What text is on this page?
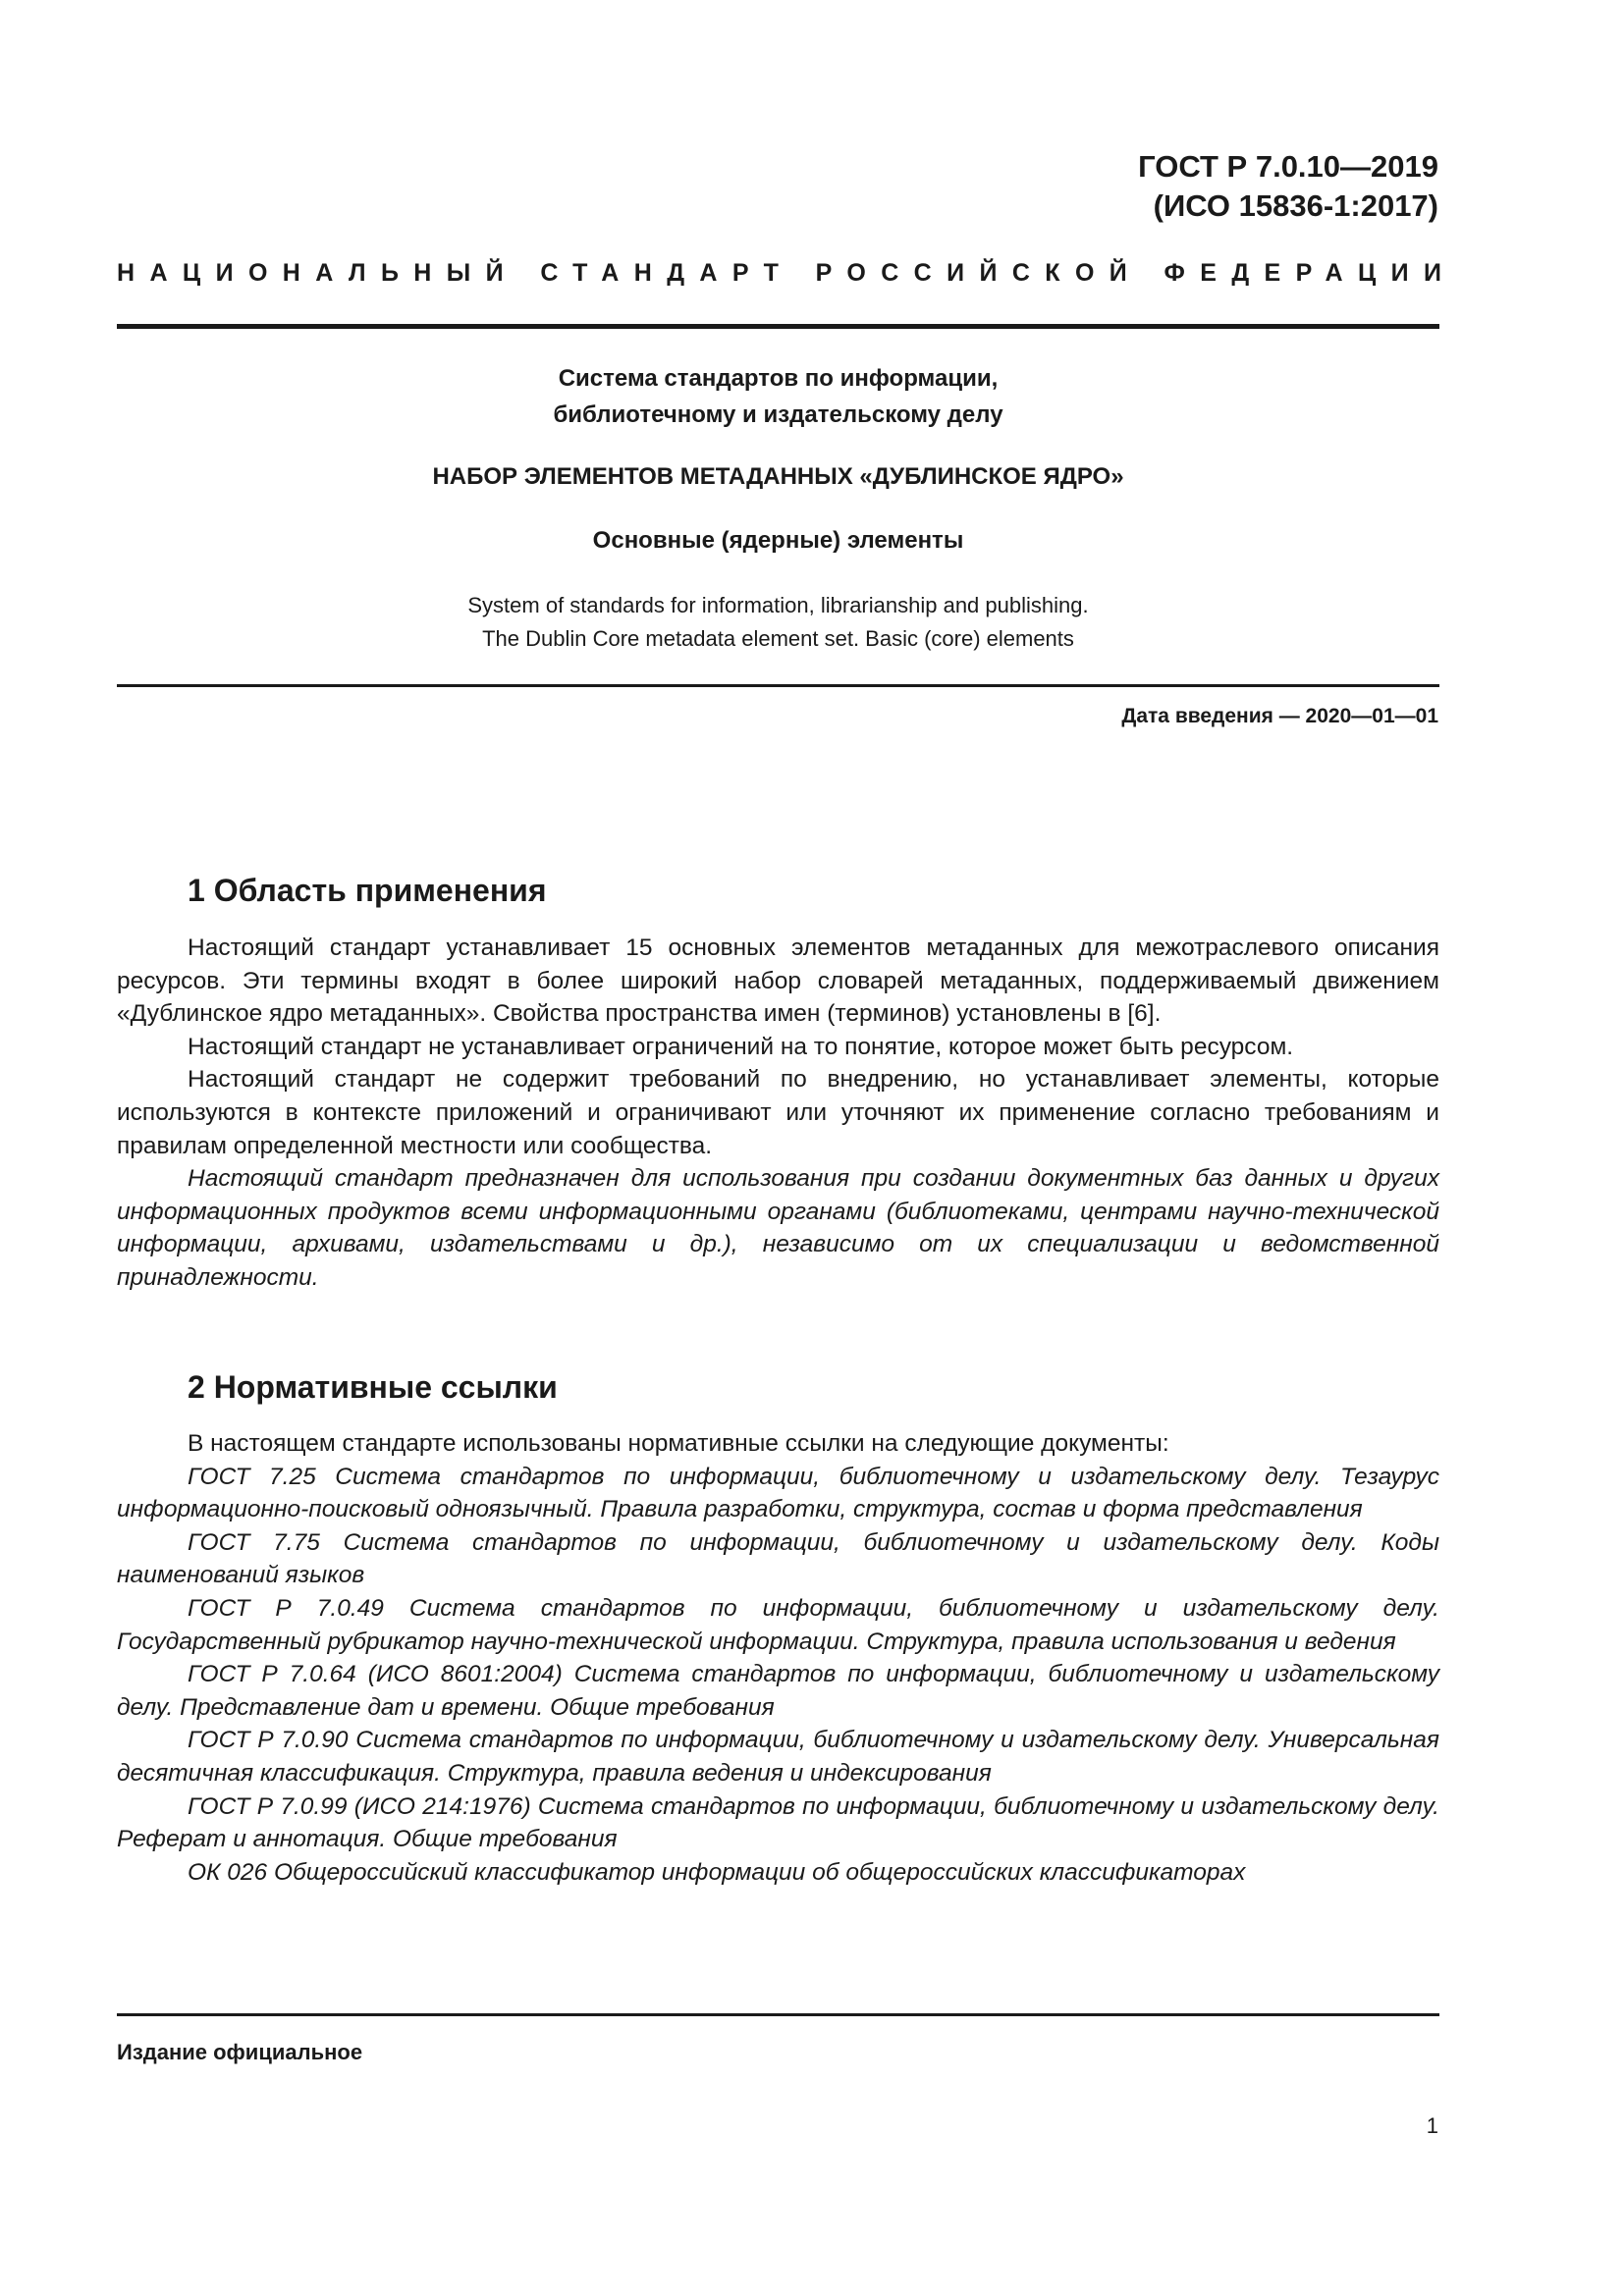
ГОСТ Р 7.0.10—2019
(ИСО 15836-1:2017)
НАЦИОНАЛЬНЫЙ СТАНДАРТ РОССИЙСКОЙ ФЕДЕРАЦИИ
Система стандартов по информации,
библиотечному и издательскому делу
НАБОР ЭЛЕМЕНТОВ МЕТАДАННЫХ «ДУБЛИНСКОЕ ЯДРО»
Основные (ядерные) элементы
System of standards for information, librarianship and publishing.
The Dublin Core metadata element set. Basic (core) elements
Дата введения — 2020—01—01
1 Область применения

Настоящий стандарт устанавливает 15 основных элементов метаданных для межотраслевого описания ресурсов. Эти термины входят в более широкий набор словарей метаданных, поддерживаемый движением «Дублинское ядро метаданных». Свойства пространства имен (терминов) установлены в [6].

Настоящий стандарт не устанавливает ограничений на то понятие, которое может быть ресурсом.

Настоящий стандарт не содержит требований по внедрению, но устанавливает элементы, которые используются в контексте приложений и ограничивают или уточняют их применение согласно требованиям и правилам определенной местности или сообщества.

Настоящий стандарт предназначен для использования при создании документных баз данных и других информационных продуктов всеми информационными органами (библиотеками, центрами научно-технической информации, архивами, издательствами и др.), независимо от их специализации и ведомственной принадлежности.

2 Нормативные ссылки

В настоящем стандарте использованы нормативные ссылки на следующие документы:

ГОСТ 7.25 Система стандартов по информации, библиотечному и издательскому делу. Тезаурус информационно-поисковый одноязычный. Правила разработки, структура, состав и форма представления

ГОСТ 7.75 Система стандартов по информации, библиотечному и издательскому делу. Коды наименований языков

ГОСТ Р 7.0.49 Система стандартов по информации, библиотечному и издательскому делу. Государственный рубрикатор научно-технической информации. Структура, правила использования и ведения

ГОСТ Р 7.0.64 (ИСО 8601:2004) Система стандартов по информации, библиотечному и издательскому делу. Представление дат и времени. Общие требования

ГОСТ Р 7.0.90 Система стандартов по информации, библиотечному и издательскому делу. Универсальная десятичная классификация. Структура, правила ведения и индексирования

ГОСТ Р 7.0.99 (ИСО 214:1976) Система стандартов по информации, библиотечному и издательскому делу. Реферат и аннотация. Общие требования

ОК 026 Общероссийский классификатор информации об общероссийских классификаторах

Издание официальное
1
